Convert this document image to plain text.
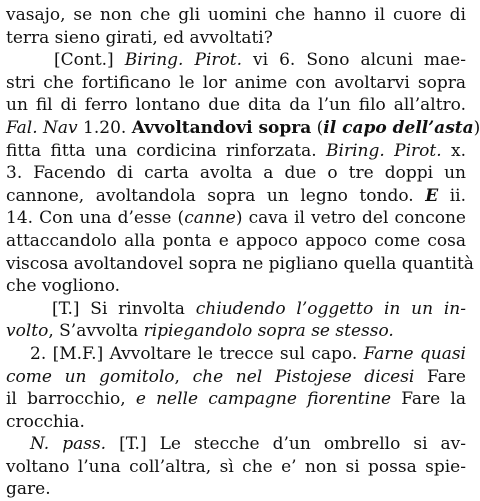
vasajo, se non che gli uomini che hanno il cuore di
terra sieno girati, ed avvoltati?
[Cont.] Biring. Pirot. vi 6. Sono alcuni mae-
stri che fortificano le lor anime con avoltarvi sopra
un fil di ferro lontano due dita da l’un filo all’altro.
Fal. Nav 1.20. Avvoltandovi sopra (il capo dell’asta)
fitta fitta una cordicina rinforzata. Biring. Pirot. x.
3. Facendo di carta avolta a due o tre doppi un
cannone, avoltandola sopra un legno tondo. E ii.
14. Con una d’esse (canne) cava il vetro del concone
attaccandolo alla ponta e appoco appoco come cosa
viscosa avoltandovel sopra ne pigliano quella quantità
che vogliono.
[T.] Si rinvolta chiudendo l’oggetto in un in-
volto, S’avvolta ripiegandolo sopra se stesso.
2. [M.F.] Avvoltare le trecce sul capo. Farne quasi
come un gomitolo, che nel Pistojese dicesi Fare
il barrocchio, e nelle campagne fiorentine Fare la
crocchia.
N. pass. [T.] Le stecche d’un ombrello si av-
voltano l’una coll’altra, sì che e’ non si possa spie-
gare.
